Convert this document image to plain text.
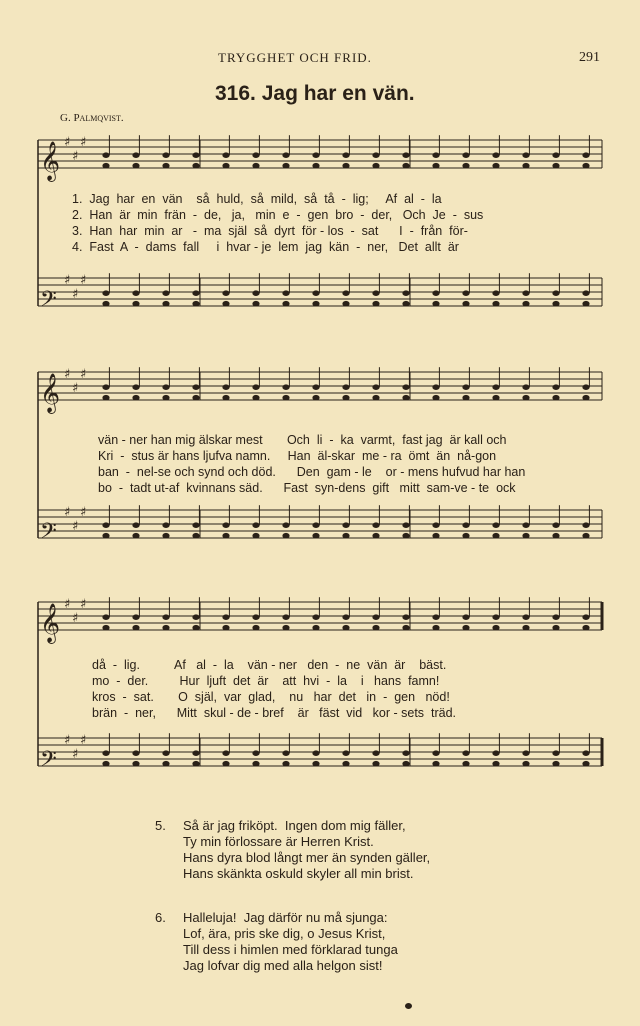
TRYGGHET OCH FRID.	291
316. Jag har en vän.
G. Palmqvist.
𝄞 ♯
♯
♯
𝄢
♯
♯
♯
1.  Jag  har  en  vän    så  huld,  så  mild,  så  tå  -  lig;     Af  al  -  la
2.  Han  är  min  frän  -  de,   ja,   min  e  -  gen  bro  -  der,   Och  Je  -  sus
3.  Han  har  min  ar   -  ma  själ  så  dyrt  för - los  -  sat      I  -  från  för-
4.  Fast  A  -  dams  fall     i  hvar - je  lem  jag  kän  -  ner,   Det  allt  är
𝄞 ♯
♯
♯
𝄢
♯
♯
♯
vän - ner han mig älskar mest       Och  li  -  ka  varmt,  fast jag  är kall och
Kri  -  stus är hans ljufva namn.     Han  äl-skar  me - ra  ömt  än  nå-gon
ban  -  nel-se och synd och död.      Den  gam - le    or - mens hufvud har han
bo  -  tadt ut-af  kvinnans säd.      Fast  syn-dens  gift   mitt  sam-ve - te  ock
𝄞 ♯
♯
♯
𝄢
♯
♯
♯
då  -  lig.          Af   al  -  la    vän - ner   den  -  ne  vän  är    bäst.
mo  -  der.         Hur  ljuft  det  är    att  hvi  -  la    i   hans  famn!
kros  -  sat.       O  själ,  var  glad,    nu   har  det   in  -  gen   nöd!
brän  -  ner,      Mitt  skul - de - bref    är   fäst  vid   kor - sets  träd.
5. Så är jag friköpt.  Ingen dom mig fäller,
Ty min förlossare är Herren Krist.
Hans dyra blod långt mer än synden gäller,
Hans skänkta oskuld skyler all min brist.
6. Halleluja!  Jag därför nu må sjunga:
Lof, ära, pris ske dig, o Jesus Krist,
Till dess i himlen med förklarad tunga
Jag lofvar dig med alla helgon sist!
